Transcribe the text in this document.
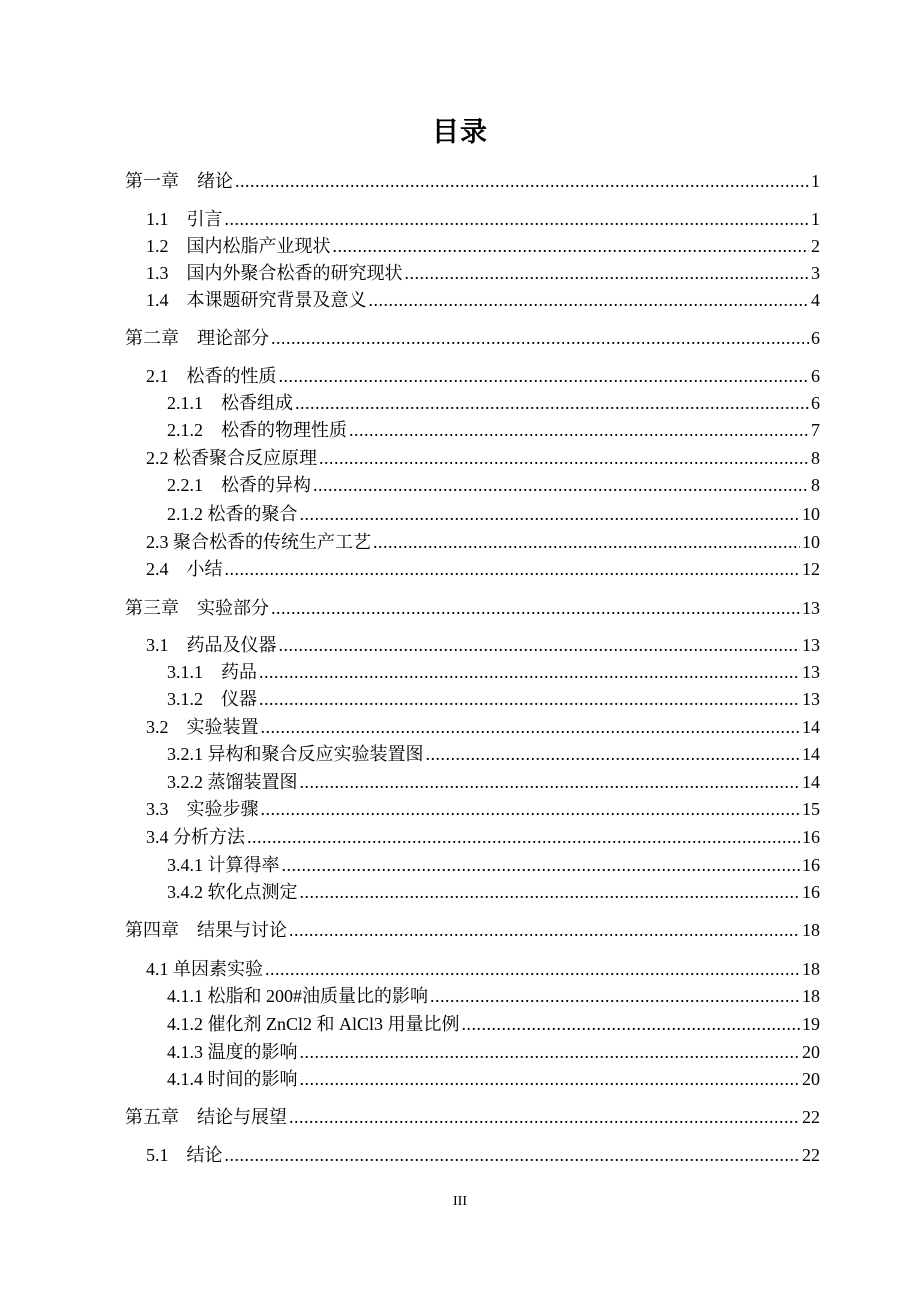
目录
第一章　绪论 .....	1
1.1　引言 .....	1
1.2　国内松脂产业现状 .....	2
1.3　国内外聚合松香的研究现状 .....	3
1.4　本课题研究背景及意义 .....	4
第二章　理论部分 .....	6
2.1　松香的性质 .....	6
2.1.1　松香组成 .....	6
2.1.2　松香的物理性质 .....	7
2.2 松香聚合反应原理 .....	8
2.2.1　松香的异构 .....	8
2.1.2 松香的聚合 .....	10
2.3 聚合松香的传统生产工艺 .....	10
2.4　小结 .....	12
第三章　实验部分 .....	13
3.1　药品及仪器 .....	13
3.1.1　药品 .....	13
3.1.2　仪器 .....	13
3.2　实验装置 .....	14
3.2.1 异构和聚合反应实验装置图 .....	14
3.2.2 蒸馏装置图 .....	14
3.3　实验步骤 .....	15
3.4 分析方法 .....	16
3.4.1 计算得率 .....	16
3.4.2 软化点测定 .....	16
第四章　结果与讨论 .....	18
4.1 单因素实验 .....	18
4.1.1 松脂和 200#油质量比的影响 .....	18
4.1.2 催化剂 ZnCl2 和 AlCl3 用量比例 .....	19
4.1.3 温度的影响 .....	20
4.1.4 时间的影响 .....	20
第五章　结论与展望 .....	22
5.1　结论 .....	22
III
